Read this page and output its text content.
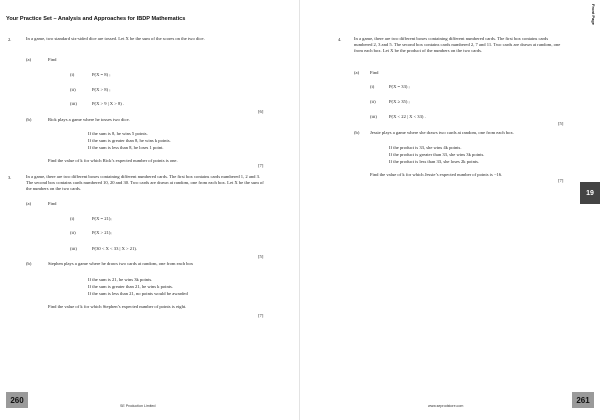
Your Practice Set – Analysis and Approaches for IBDP Mathematics
2.	In a game, two standard six-sided dice are tossed. Let X be the sum of the scores on the two dice.
(a)	Find
(i)	P(X = 8) ;
(ii)	P(X > 8) ;
(iii)	P(X > 9 | X > 8) .
[6]
(b)	Rick plays a game where he tosses two dice.
If the sum is 8, he wins 5 points.
If the sum is greater than 8, he wins k points.
If the sum is less than 8, he loses 1 point.
Find the value of k for which Rick’s expected number of points is one.
[7]
3.	In a game, there are two different boxes containing different numbered cards. The first box contains cards numbered 1, 2 and 3. The second box contains cards numbered 10, 20 and 30. Two cards are drawn at random, one from each box. Let X be the sum of the numbers on the two cards.
(a)	Find
(i)	P(X = 21);
(ii)	P(X > 21);
(iii)	P(30 < X < 33 | X > 21).
[5]
(b)	Stephen plays a game where he draws two cards at random, one from each box
If the sum is 21, he wins 3k points.
If the sum is greater than 21, he wins k points.
If the sum is less than 21, no points would be awarded
Find the value of k for which Stephen’s expected number of points is eight.
[7]
260
SE Production Limited
Front Page
4.	In a game, there are two different boxes containing different numbered cards. The first box contains cards numbered 2, 3 and 5. The second box contains cards numbered 2, 7 and 11. Two cards are drawn at random, one from each box. Let X be the product of the numbers on the two cards.
(a) Find
(i)	P(X = 33) ;
(ii)	P(X ≥ 35) ;
(iii)	P(X < 22 | X < 33) .
[5]
(b) Jessie plays a game where she draws two cards at random, one from each box.
If the product is 33, she wins 4k points.
If the product is greater than 33, she wins 3k points.
If the product is less than 33, she loses 2k points.
Find the value of k for which Jessie’s expected number of points is −16.
[7]
19
www.seprodstore.com
261
